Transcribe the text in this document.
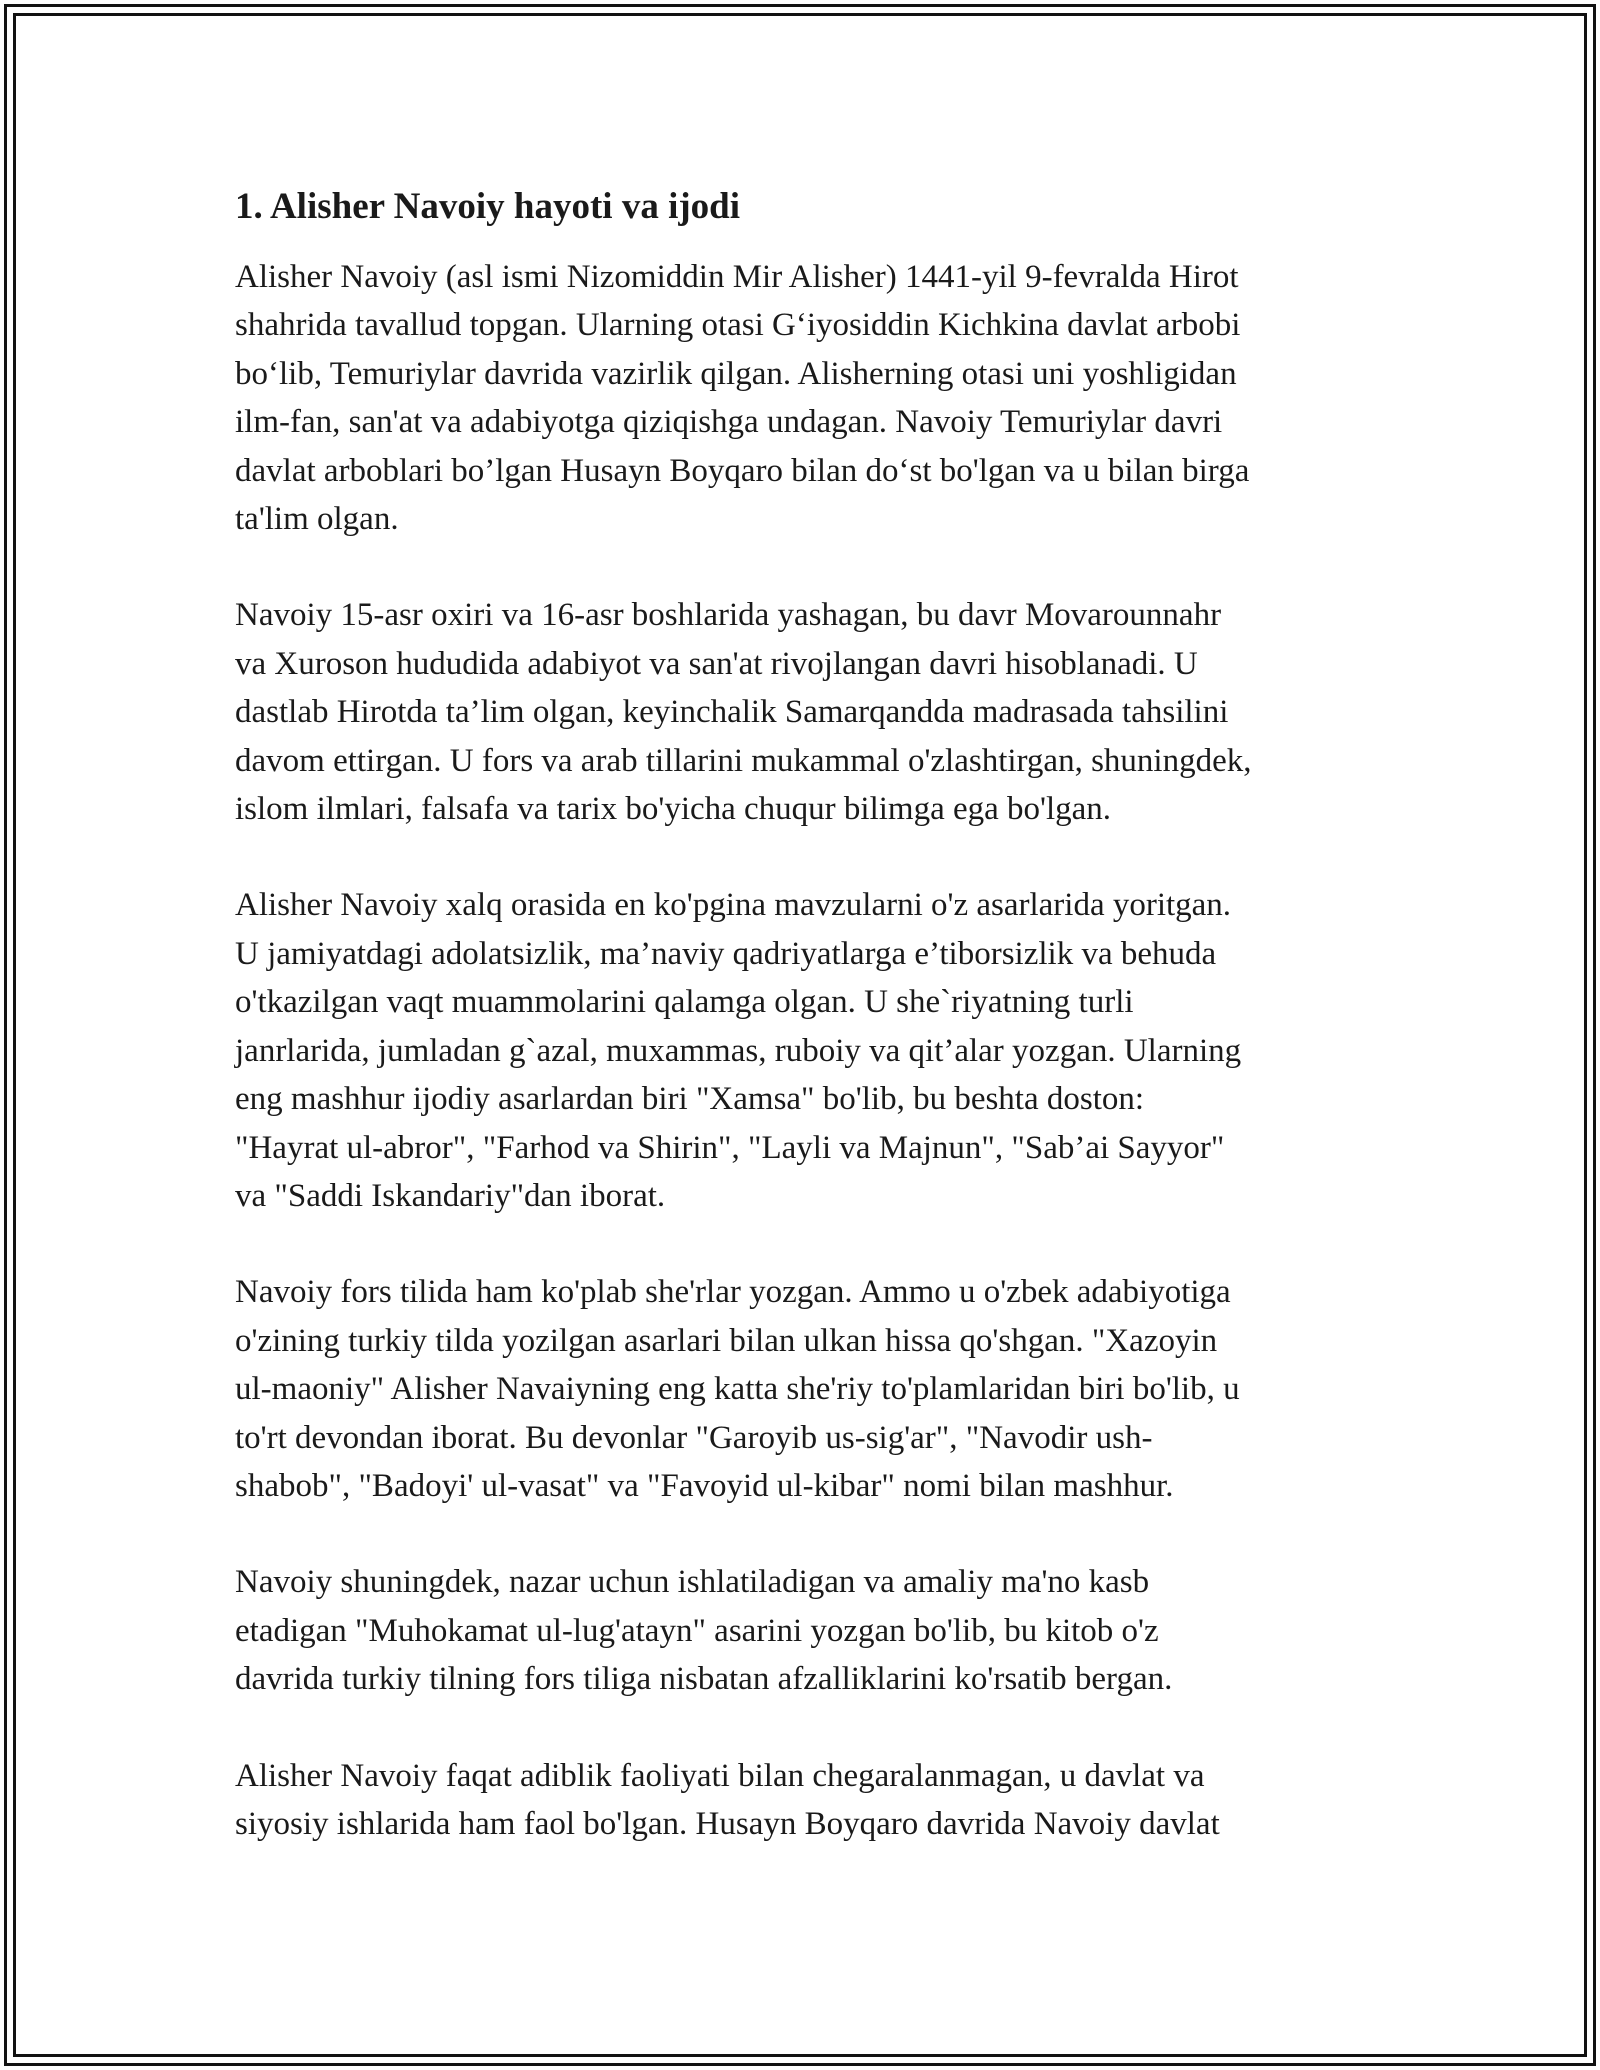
1. Alisher Navoiy hayoti va ijodi

Alisher Navoiy (asl ismi Nizomiddin Mir Alisher) 1441-yil 9-fevralda Hirot
shahrida tavallud topgan. Ularning otasi G‘iyosiddin Kichkina davlat arbobi
bo‘lib, Temuriylar davrida vazirlik qilgan. Alisherning otasi uni yoshligidan
ilm-fan, san'at va adabiyotga qiziqishga undagan. Navoiy Temuriylar davri
davlat arboblari bo’lgan Husayn Boyqaro bilan do‘st bo'lgan va u bilan birga
ta'lim olgan.

Navoiy 15-asr oxiri va 16-asr boshlarida yashagan, bu davr Movarounnahr
va Xuroson hududida adabiyot va san'at rivojlangan davri hisoblanadi. U
dastlab Hirotda ta’lim olgan, keyinchalik Samarqandda madrasada tahsilini
davom ettirgan. U fors va arab tillarini mukammal o'zlashtirgan, shuningdek,
islom ilmlari, falsafa va tarix bo'yicha chuqur bilimga ega bo'lgan.

Alisher Navoiy xalq orasida en ko'pgina mavzularni o'z asarlarida yoritgan.
U jamiyatdagi adolatsizlik, ma’naviy qadriyatlarga e’tiborsizlik va behuda
o'tkazilgan vaqt muammolarini qalamga olgan. U she`riyatning turli
janrlarida, jumladan g`azal, muxammas, ruboiy va qit’alar yozgan. Ularning
eng mashhur ijodiy asarlardan biri "Xamsa" bo'lib, bu beshta doston:
"Hayrat ul-abror", "Farhod va Shirin", "Layli va Majnun", "Sab’ai Sayyor"
va "Saddi Iskandariy"dan iborat.

Navoiy fors tilida ham ko'plab she'rlar yozgan. Ammo u o'zbek adabiyotiga
o'zining turkiy tilda yozilgan asarlari bilan ulkan hissa qo'shgan. "Xazoyin
ul-maoniy" Alisher Navaiyning eng katta she'riy to'plamlaridan biri bo'lib, u
to'rt devondan iborat. Bu devonlar "Garoyib us-sig'ar", "Navodir ush-
shabob", "Badoyi' ul-vasat" va "Favoyid ul-kibar" nomi bilan mashhur.

Navoiy shuningdek, nazar uchun ishlatiladigan va amaliy ma'no kasb
etadigan "Muhokamat ul-lug'atayn" asarini yozgan bo'lib, bu kitob o'z
davrida turkiy tilning fors tiliga nisbatan afzalliklarini ko'rsatib bergan.

Alisher Navoiy faqat adiblik faoliyati bilan chegaralanmagan, u davlat va
siyosiy ishlarida ham faol bo'lgan. Husayn Boyqaro davrida Navoiy davlat
